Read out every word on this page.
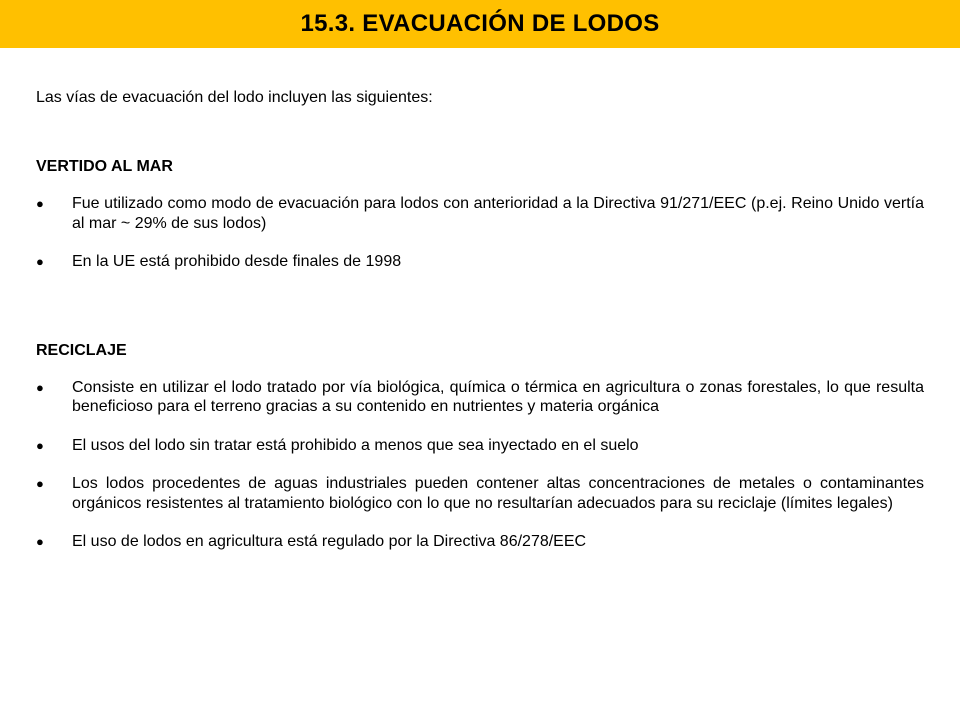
15.3. EVACUACIÓN DE LODOS

Las vías de evacuación del lodo incluyen las siguientes:

VERTIDO AL MAR

●	Fue utilizado como modo de evacuación para lodos con anterioridad a la Directiva 91/271/EEC (p.ej. Reino Unido vertía al mar ~ 29% de sus lodos)
●	En la UE está prohibido desde finales de 1998

RECICLAJE

●	Consiste en utilizar el lodo tratado por vía biológica, química o térmica en agricultura o zonas forestales, lo que resulta beneficioso para el terreno gracias a su contenido en nutrientes y materia orgánica
●	El usos del lodo sin tratar está prohibido a menos que sea inyectado en el suelo
●	Los lodos procedentes de aguas industriales pueden contener altas concentraciones de metales o contaminantes orgánicos resistentes al tratamiento biológico con lo que no resultarían adecuados para su reciclaje (límites legales)
●	El uso de lodos en agricultura está regulado por la Directiva 86/278/EEC
